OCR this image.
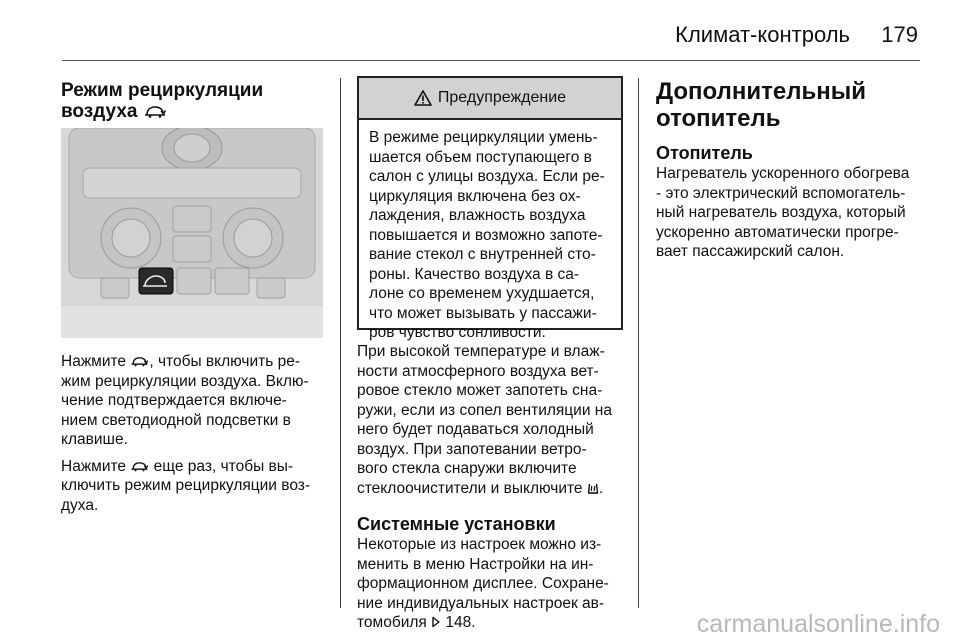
Климат-контроль 179
Режим рециркуляции
воздуха

Нажмите , чтобы включить ре-
жим рециркуляции воздуха. Вклю-
чение подтверждается включе-
нием светодиодной подсветки в
клавише.

Нажмите  еще раз, чтобы вы-
ключить режим рециркуляции воз-
духа.

Предупреждение

В режиме рециркуляции умень-
шается объем поступающего в
салон с улицы воздуха. Если ре-
циркуляция включена без ох-
лаждения, влажность воздуха
повышается и возможно запоте-
вание стекол с внутренней сто-
роны. Качество воздуха в са-
лоне со временем ухудшается,
что может вызывать у пассажи-
ров чувство сонливости.

При высокой температуре и влаж-
ности атмосферного воздуха вет-
ровое стекло может запотеть сна-
ружи, если из сопел вентиляции на
него будет подаваться холодный
воздух. При запотевании ветро-
вого стекла снаружи включите
стеклоочистители и выключите .

Системные установки

Некоторые из настроек можно из-
менить в меню Настройки на ин-
формационном дисплее. Сохране-
ние индивидуальных настроек ав-
томобиля  148.

Дополнительный
отопитель
Отопитель

Нагреватель ускоренного обогрева
- это электрический вспомогатель-
ный нагреватель воздуха, который
ускоренно автоматически прогре-
вает пассажирский салон.

carmanualsonline.info
